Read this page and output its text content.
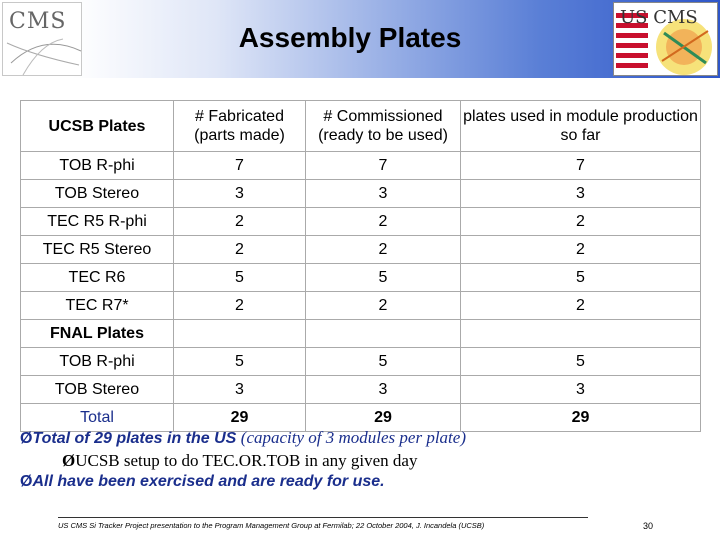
CMS	US CMS
Assembly Plates
UCSB Plates	# Fabricated (parts made)	# Commissioned (ready to be used)	plates used in module production so far
TOB R-phi	7	7	7
TOB Stereo	3	3	3
TEC R5 R-phi	2	2	2
TEC R5 Stereo	2	2	2
TEC R6	5	5	5
TEC R7*	2	2	2
FNAL Plates			
TOB R-phi	5	5	5
TOB Stereo	3	3	3
Total	29	29	29
ØTotal of 29 plates in the US (capacity of 3 modules per plate)
ØUCSB setup to do TEC.OR.TOB in any given day
ØAll have been exercised and are ready for use.
US CMS Si Tracker Project presentation to the Program Management Group at Fermilab; 22 October 2004, J. Incandela (UCSB)	30
